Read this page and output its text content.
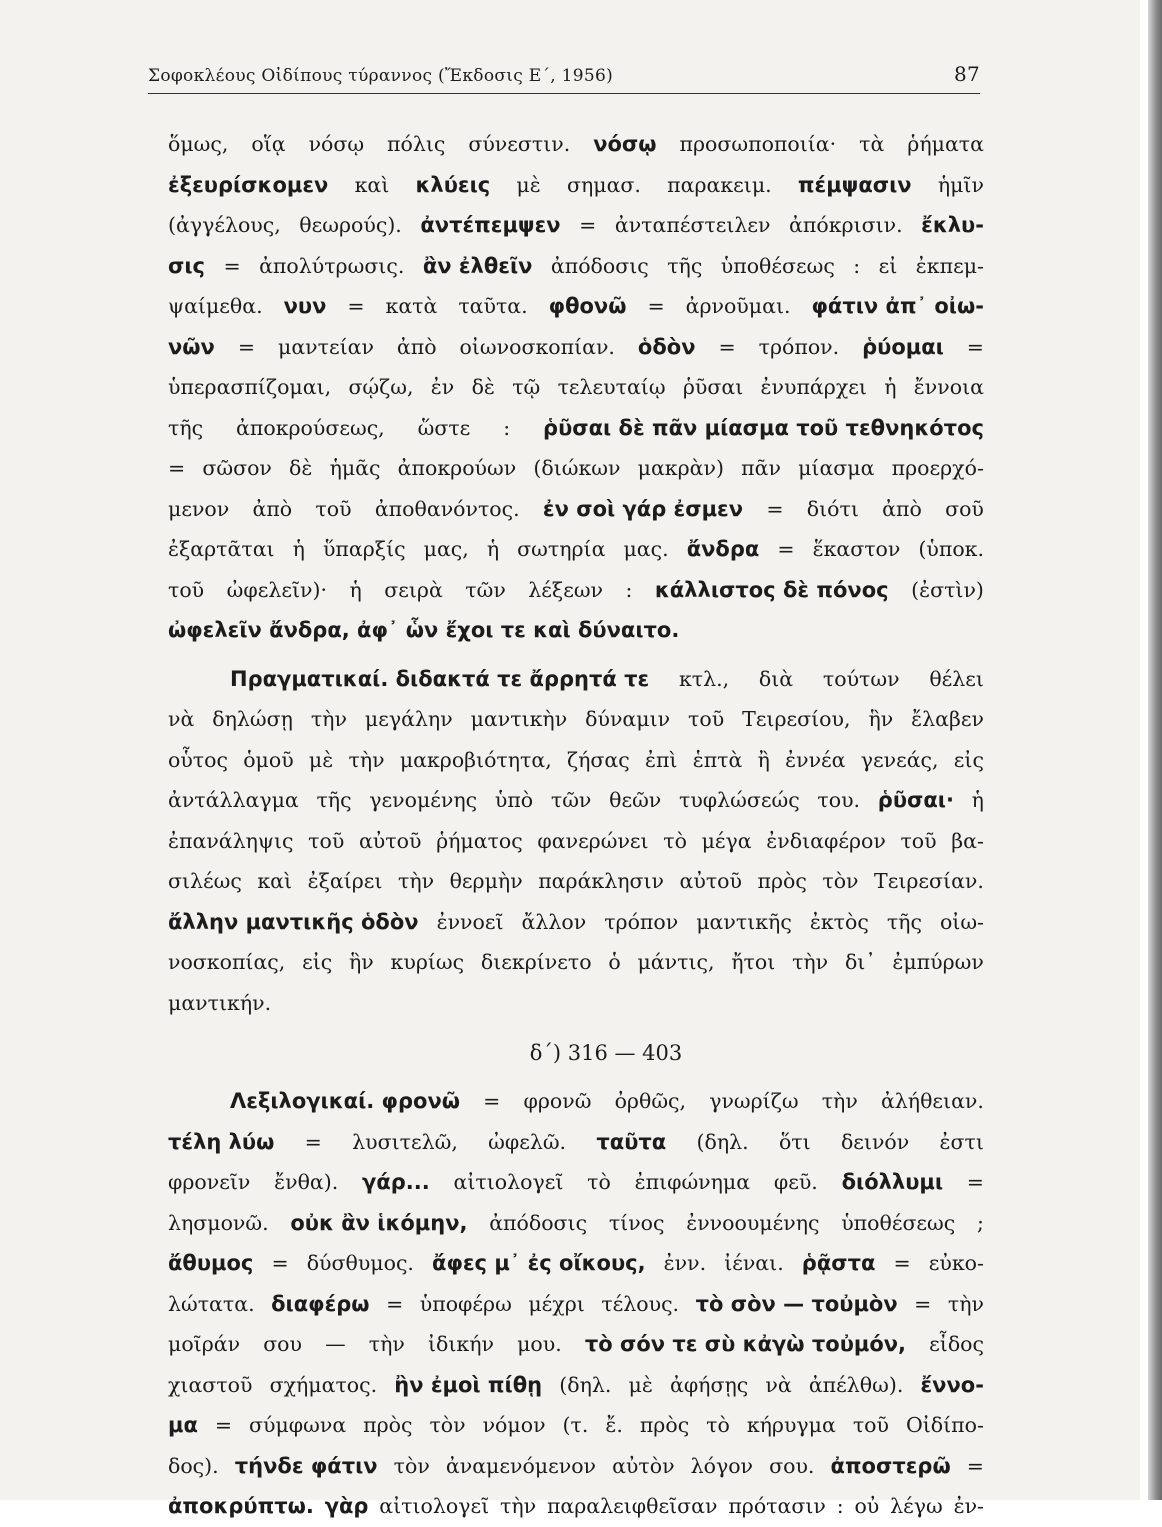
Σοφοκλέους Οἰδίπους τύραννος (Ἔκδοσις Ε΄, 1956)	87
ὅμως, οἵᾳ νόσῳ πόλις σύνεστιν. νόσῳ προσωποποιία· τὰ ῥήματα
ἐξευρίσκομεν καὶ κλύεις μὲ σημασ. παρακειμ. πέμψασιν ἡμῖν
(ἀγγέλους, θεωρούς). ἀντέπεμψεν = ἀνταπέστειλεν ἀπόκρισιν. ἔκλυ-
σις = ἀπολύτρωσις. ἂν ἐλθεῖν ἀπόδοσις τῆς ὑποθέσεως : εἰ ἐκπεμ-
ψαίμεθα. νυν = κατὰ ταῦτα. φθονῶ = ἀρνοῦμαι. φάτιν ἀπ᾿ οἰω-
νῶν = μαντείαν ἀπὸ οἰωνοσκοπίαν. ὁδὸν = τρόπον. ῥύομαι =
ὑπερασπίζομαι, σῴζω, ἐν δὲ τῷ τελευταίῳ ῥῦσαι ἐνυπάρχει ἡ ἔννοια
τῆς ἀποκρούσεως, ὥστε : ῥῦσαι δὲ πᾶν μίασμα τοῦ τεθνηκότος
= σῶσον δὲ ἡμᾶς ἀποκρούων (διώκων μακρὰν) πᾶν μίασμα προερχό-
μενον ἀπὸ τοῦ ἀποθανόντος. ἐν σοὶ γάρ ἐσμεν = διότι ἀπὸ σοῦ
ἐξαρτᾶται ἡ ὕπαρξίς μας, ἡ σωτηρία μας. ἄνδρα = ἕκαστον (ὑποκ.
τοῦ ὠφελεῖν)· ἡ σειρὰ τῶν λέξεων : κάλλιστος δὲ πόνος (ἐστὶν)
ὠφελεῖν ἄνδρα, ἀφ᾿ ὧν ἔχοι τε καὶ δύναιτο.
Πραγματικαί. διδακτά τε ἄρρητά τε κτλ., διὰ τούτων θέλει
νὰ δηλώσῃ τὴν μεγάλην μαντικὴν δύναμιν τοῦ Τειρεσίου, ἣν ἔλαβεν
οὗτος ὁμοῦ μὲ τὴν μακροβιότητα, ζήσας ἐπὶ ἑπτὰ ἢ ἐννέα γενεάς, εἰς
ἀντάλλαγμα τῆς γενομένης ὑπὸ τῶν θεῶν τυφλώσεώς του. ῥῦσαι· ἡ
ἐπανάληψις τοῦ αὐτοῦ ῥήματος φανερώνει τὸ μέγα ἐνδιαφέρον τοῦ βα-
σιλέως καὶ ἐξαίρει τὴν θερμὴν παράκλησιν αὐτοῦ πρὸς τὸν Τειρεσίαν.
ἄλλην μαντικῆς ὁδὸν ἐννοεῖ ἄλλον τρόπον μαντικῆς ἐκτὸς τῆς οἰω-
νοσκοπίας, εἰς ἣν κυρίως διεκρίνετο ὁ μάντις, ἤτοι τὴν δι᾿ ἐμπύρων
μαντικήν.
δ΄) 316 — 403
Λεξιλογικαί. φρονῶ = φρονῶ ὀρθῶς, γνωρίζω τὴν ἀλήθειαν.
τέλη λύω = λυσιτελῶ, ὠφελῶ. ταῦτα (δηλ. ὅτι δεινόν ἐστι
φρονεῖν ἔνθα). γάρ... αἰτιολογεῖ τὸ ἐπιφώνημα φεῦ. διόλλυμι =
λησμονῶ. οὐκ ἂν ἱκόμην, ἀπόδοσις τίνος ἐννοουμένης ὑποθέσεως ;
ἄθυμος = δύσθυμος. ἄφες μ᾿ ἐς οἴκους, ἐνν. ἰέναι. ῥᾷστα = εὐκο-
λώτατα. διαφέρω = ὑποφέρω μέχρι τέλους. τὸ σὸν — τοὐμὸν = τὴν
μοῖράν σου — τὴν ἰδικήν μου. τὸ σόν τε σὺ κἀγὼ τοὐμόν, εἶδος
χιαστοῦ σχήματος. ἢν ἐμοὶ πίθῃ (δηλ. μὲ ἀφήσῃς νὰ ἀπέλθω). ἔννο-
μα = σύμφωνα πρὸς τὸν νόμον (τ. ἔ. πρὸς τὸ κήρυγμα τοῦ Οἰδίπο-
δος). τήνδε φάτιν τὸν ἀναμενόμενον αὐτὸν λόγον σου. ἀποστερῶ =
ἀποκρύπτω. γὰρ αἰτιολογεῖ τὴν παραλειφθεῖσαν πρότασιν : οὐ λέγω ἐν-
